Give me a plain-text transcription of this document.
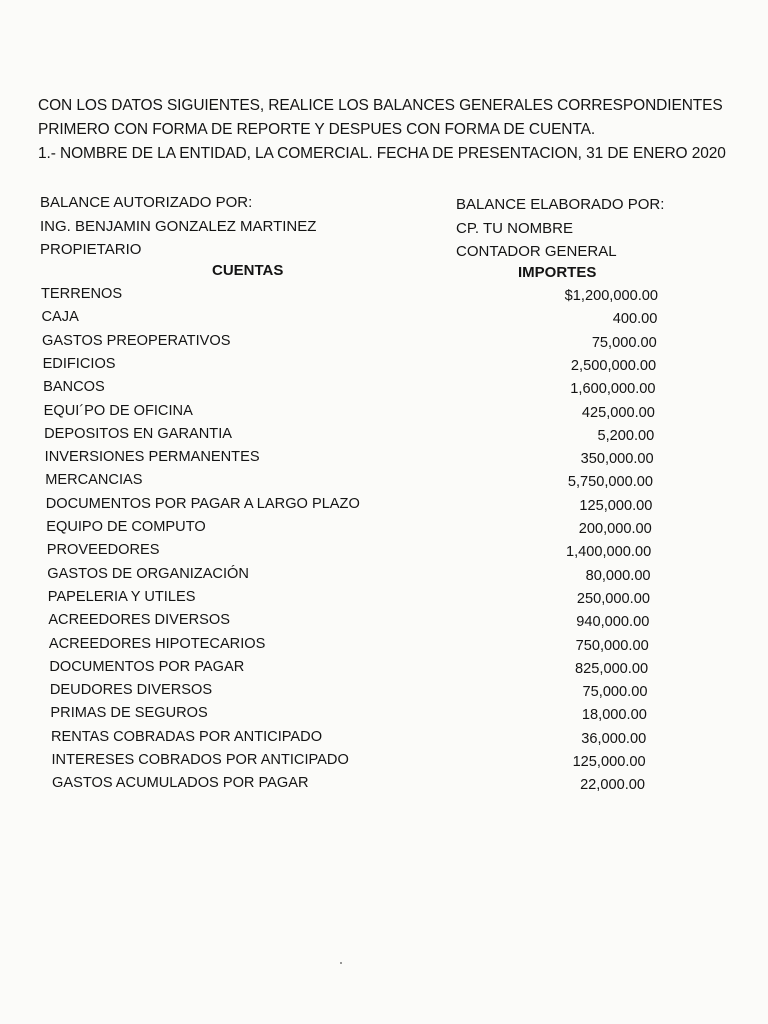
CON LOS DATOS SIGUIENTES, REALICE LOS BALANCES GENERALES CORRESPONDIENTES
PRIMERO CON FORMA DE REPORTE Y DESPUES CON FORMA DE CUENTA.
1.- NOMBRE DE LA ENTIDAD, LA COMERCIAL. FECHA DE PRESENTACION, 31 DE ENERO 2020
BALANCE AUTORIZADO POR:
ING. BENJAMIN GONZALEZ MARTINEZ
PROPIETARIO
BALANCE ELABORADO POR:
CP. TU NOMBRE
CONTADOR GENERAL
CUENTAS	IMPORTES
TERRENOS	$1,200,000.00
CAJA	400.00
GASTOS PREOPERATIVOS	75,000.00
EDIFICIOS	2,500,000.00
BANCOS	1,600,000.00
EQUI´PO DE OFICINA	425,000.00
DEPOSITOS EN GARANTIA	5,200.00
INVERSIONES PERMANENTES	350,000.00
MERCANCIAS	5,750,000.00
DOCUMENTOS POR PAGAR A LARGO PLAZO	125,000.00
EQUIPO DE COMPUTO	200,000.00
PROVEEDORES	1,400,000.00
GASTOS DE ORGANIZACIÓN	80,000.00
PAPELERIA Y UTILES	250,000.00
ACREEDORES DIVERSOS	940,000.00
ACREEDORES HIPOTECARIOS	750,000.00
DOCUMENTOS POR PAGAR	825,000.00
DEUDORES DIVERSOS	75,000.00
PRIMAS DE SEGUROS	18,000.00
RENTAS COBRADAS POR ANTICIPADO	36,000.00
INTERESES COBRADOS POR ANTICIPADO	125,000.00
GASTOS ACUMULADOS POR PAGAR	22,000.00
